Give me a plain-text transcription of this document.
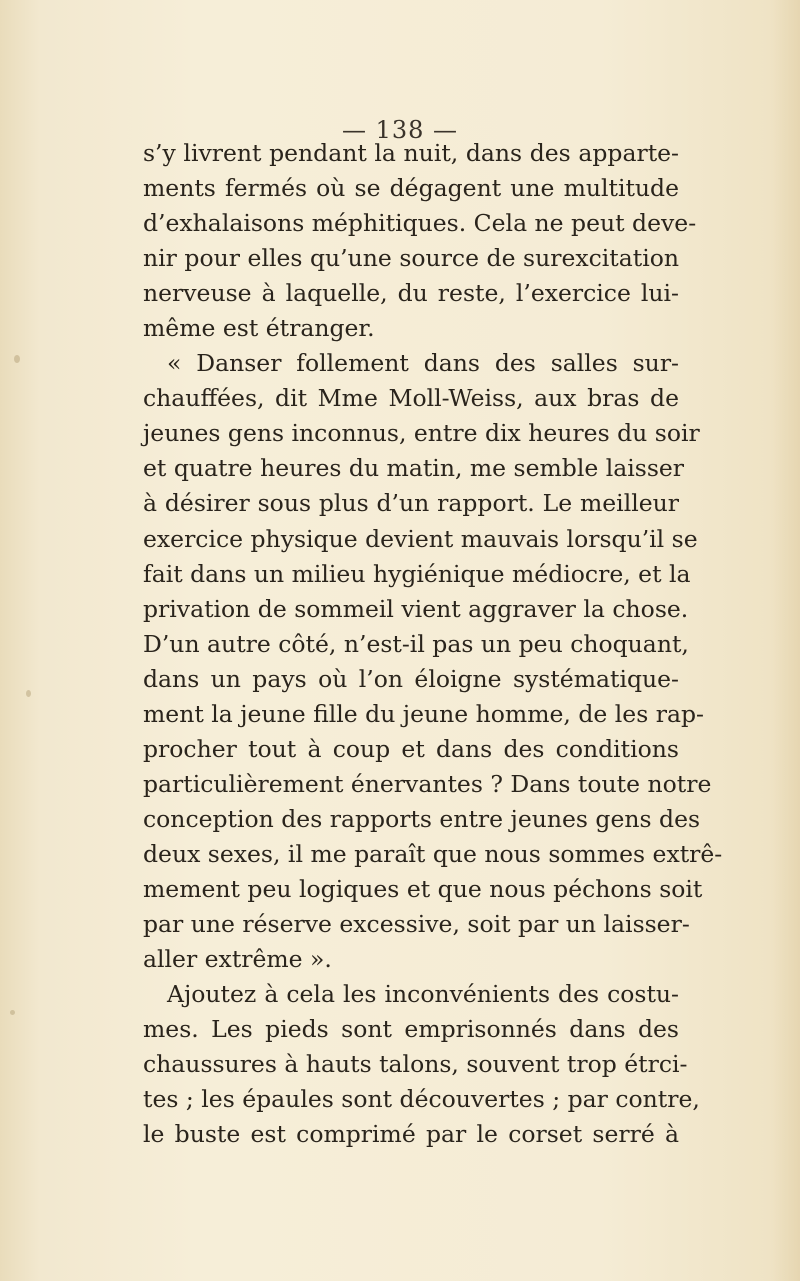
— 138 —
s’y livrent pendant la nuit, dans des apparte-
ments fermés où se dégagent une multitude
d’exhalaisons méphitiques. Cela ne peut deve-
nir pour elles qu’une source de surexcitation
nerveuse à laquelle, du reste, l’exercice lui-
même est étranger.
« Danser follement dans des salles sur-
chauffées, dit Mme Moll-Weiss, aux bras de
jeunes gens inconnus, entre dix heures du soir
et quatre heures du matin, me semble laisser
à désirer sous plus d’un rapport. Le meilleur
exercice physique devient mauvais lorsqu’il se
fait dans un milieu hygiénique médiocre, et la
privation de sommeil vient aggraver la chose.
D’un autre côté, n’est-il pas un peu choquant,
dans un pays où l’on éloigne systématique-
ment la jeune fille du jeune homme, de les rap-
procher tout à coup et dans des conditions
particulièrement énervantes ? Dans toute notre
conception des rapports entre jeunes gens des
deux sexes, il me paraît que nous sommes extrê-
mement peu logiques et que nous péchons soit
par une réserve excessive, soit par un laisser-
aller extrême ».
Ajoutez à cela les inconvénients des costu-
mes. Les pieds sont emprisonnés dans des
chaussures à hauts talons, souvent trop étrci-
tes ; les épaules sont découvertes ; par contre,
le buste est comprimé par le corset serré à
